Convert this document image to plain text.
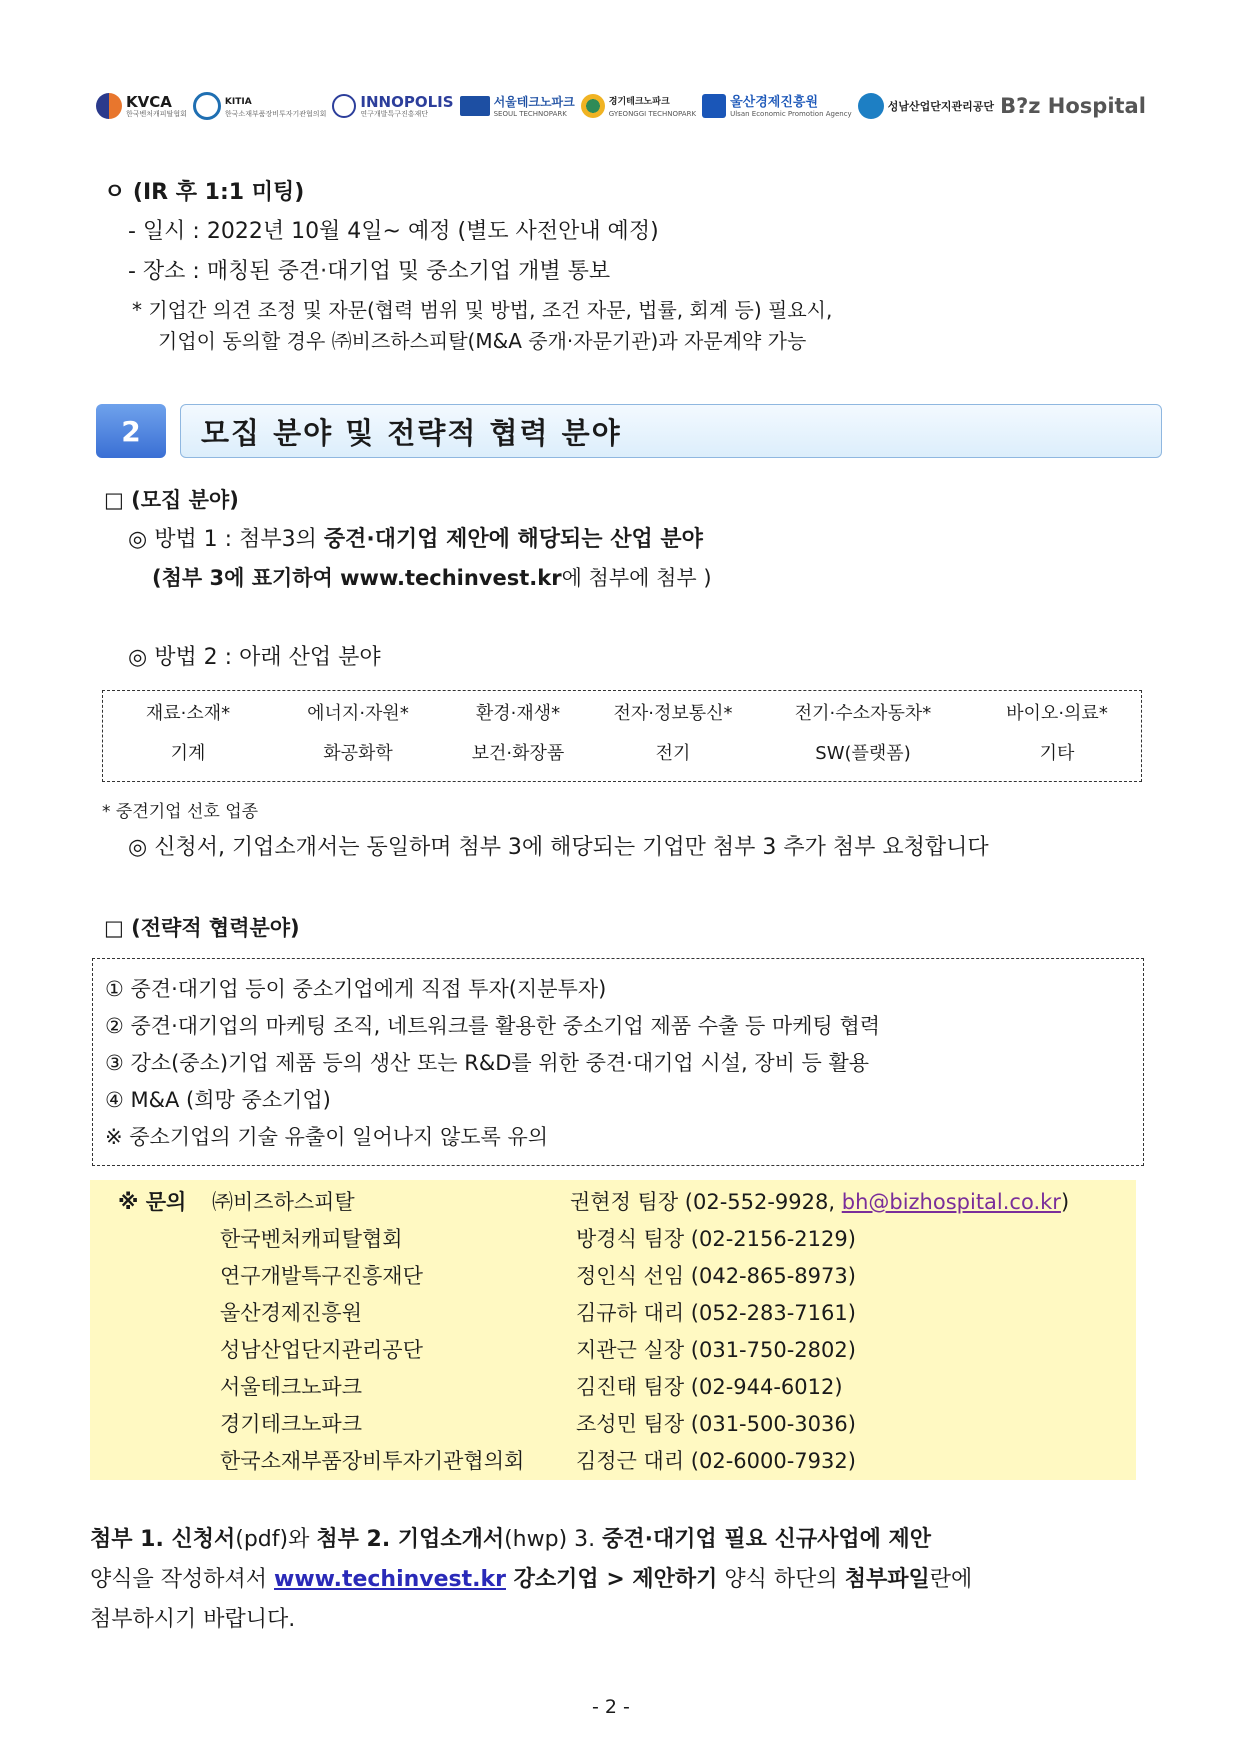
KVCA
한국벤처캐피탈협회
KITIA
한국소재부품장비투자기관협의회
INNOPOLIS
연구개발특구진흥재단
서울테크노파크
SEOUL TECHNOPARK
경기테크노파크
GYEONGGI TECHNOPARK
울산경제진흥원
Ulsan Economic Promotion Agency
성남산업단지관리공단 B?z Hospital
ㅇ (IR 후 1:1 미팅)
- 일시 : 2022년 10월 4일~ 예정 (별도 사전안내 예정)
- 장소 : 매칭된 중견·대기업 및 중소기업 개별 통보
* 기업간 의견 조정 및 자문(협력 범위 및 방법, 조건 자문, 법률, 회계 등) 필요시,
기업이 동의할 경우 ㈜비즈하스피탈(M&A 중개·자문기관)과 자문계약 가능
2	모집 분야 및 전략적 협력 분야
□ (모집 분야)
◎ 방법 1 : 첨부3의 중견·대기업 제안에 해당되는 산업 분야
(첨부 3에 표기하여 www.techinvest.kr에 첨부에 첨부 )
◎ 방법 2 : 아래 산업 분야
재료·소재*	에너지·자원*	환경·재생*	전자·정보통신*	전기·수소자동차*	바이오·의료*
기계	화공화학	보건·화장품	전기	SW(플랫폼)	기타
* 중견기업 선호 업종
◎ 신청서, 기업소개서는 동일하며 첨부 3에 해당되는 기업만 첨부 3 추가 첨부 요청합니다
□ (전략적 협력분야)
① 중견·대기업 등이 중소기업에게 직접 투자(지분투자)
② 중견·대기업의 마케팅 조직, 네트워크를 활용한 중소기업 제품 수출 등 마케팅 협력
③ 강소(중소)기업 제품 등의 생산 또는 R&D를 위한 중견·대기업 시설, 장비 등 활용
④ M&A (희망 중소기업)
※ 중소기업의 기술 유출이 일어나지 않도록 유의
※ 문의 ㈜비즈하스피탈	권현정 팀장 (02-552-9928, bh@bizhospital.co.kr)
한국벤처캐피탈협회	방경식 팀장 (02-2156-2129)
연구개발특구진흥재단	정인식 선임 (042-865-8973)
울산경제진흥원	김규하 대리 (052-283-7161)
성남산업단지관리공단	지관근 실장 (031-750-2802)
서울테크노파크	김진태 팀장 (02-944-6012)
경기테크노파크	조성민 팀장 (031-500-3036)
한국소재부품장비투자기관협의회 김정근 대리 (02-6000-7932)
첨부 1. 신청서(pdf)와 첨부 2. 기업소개서(hwp) 3. 중견·대기업 필요 신규사업에 제안
양식을 작성하셔서 www.techinvest.kr 강소기업 > 제안하기 양식 하단의 첨부파일란에
첨부하시기 바랍니다.
- 2 -
